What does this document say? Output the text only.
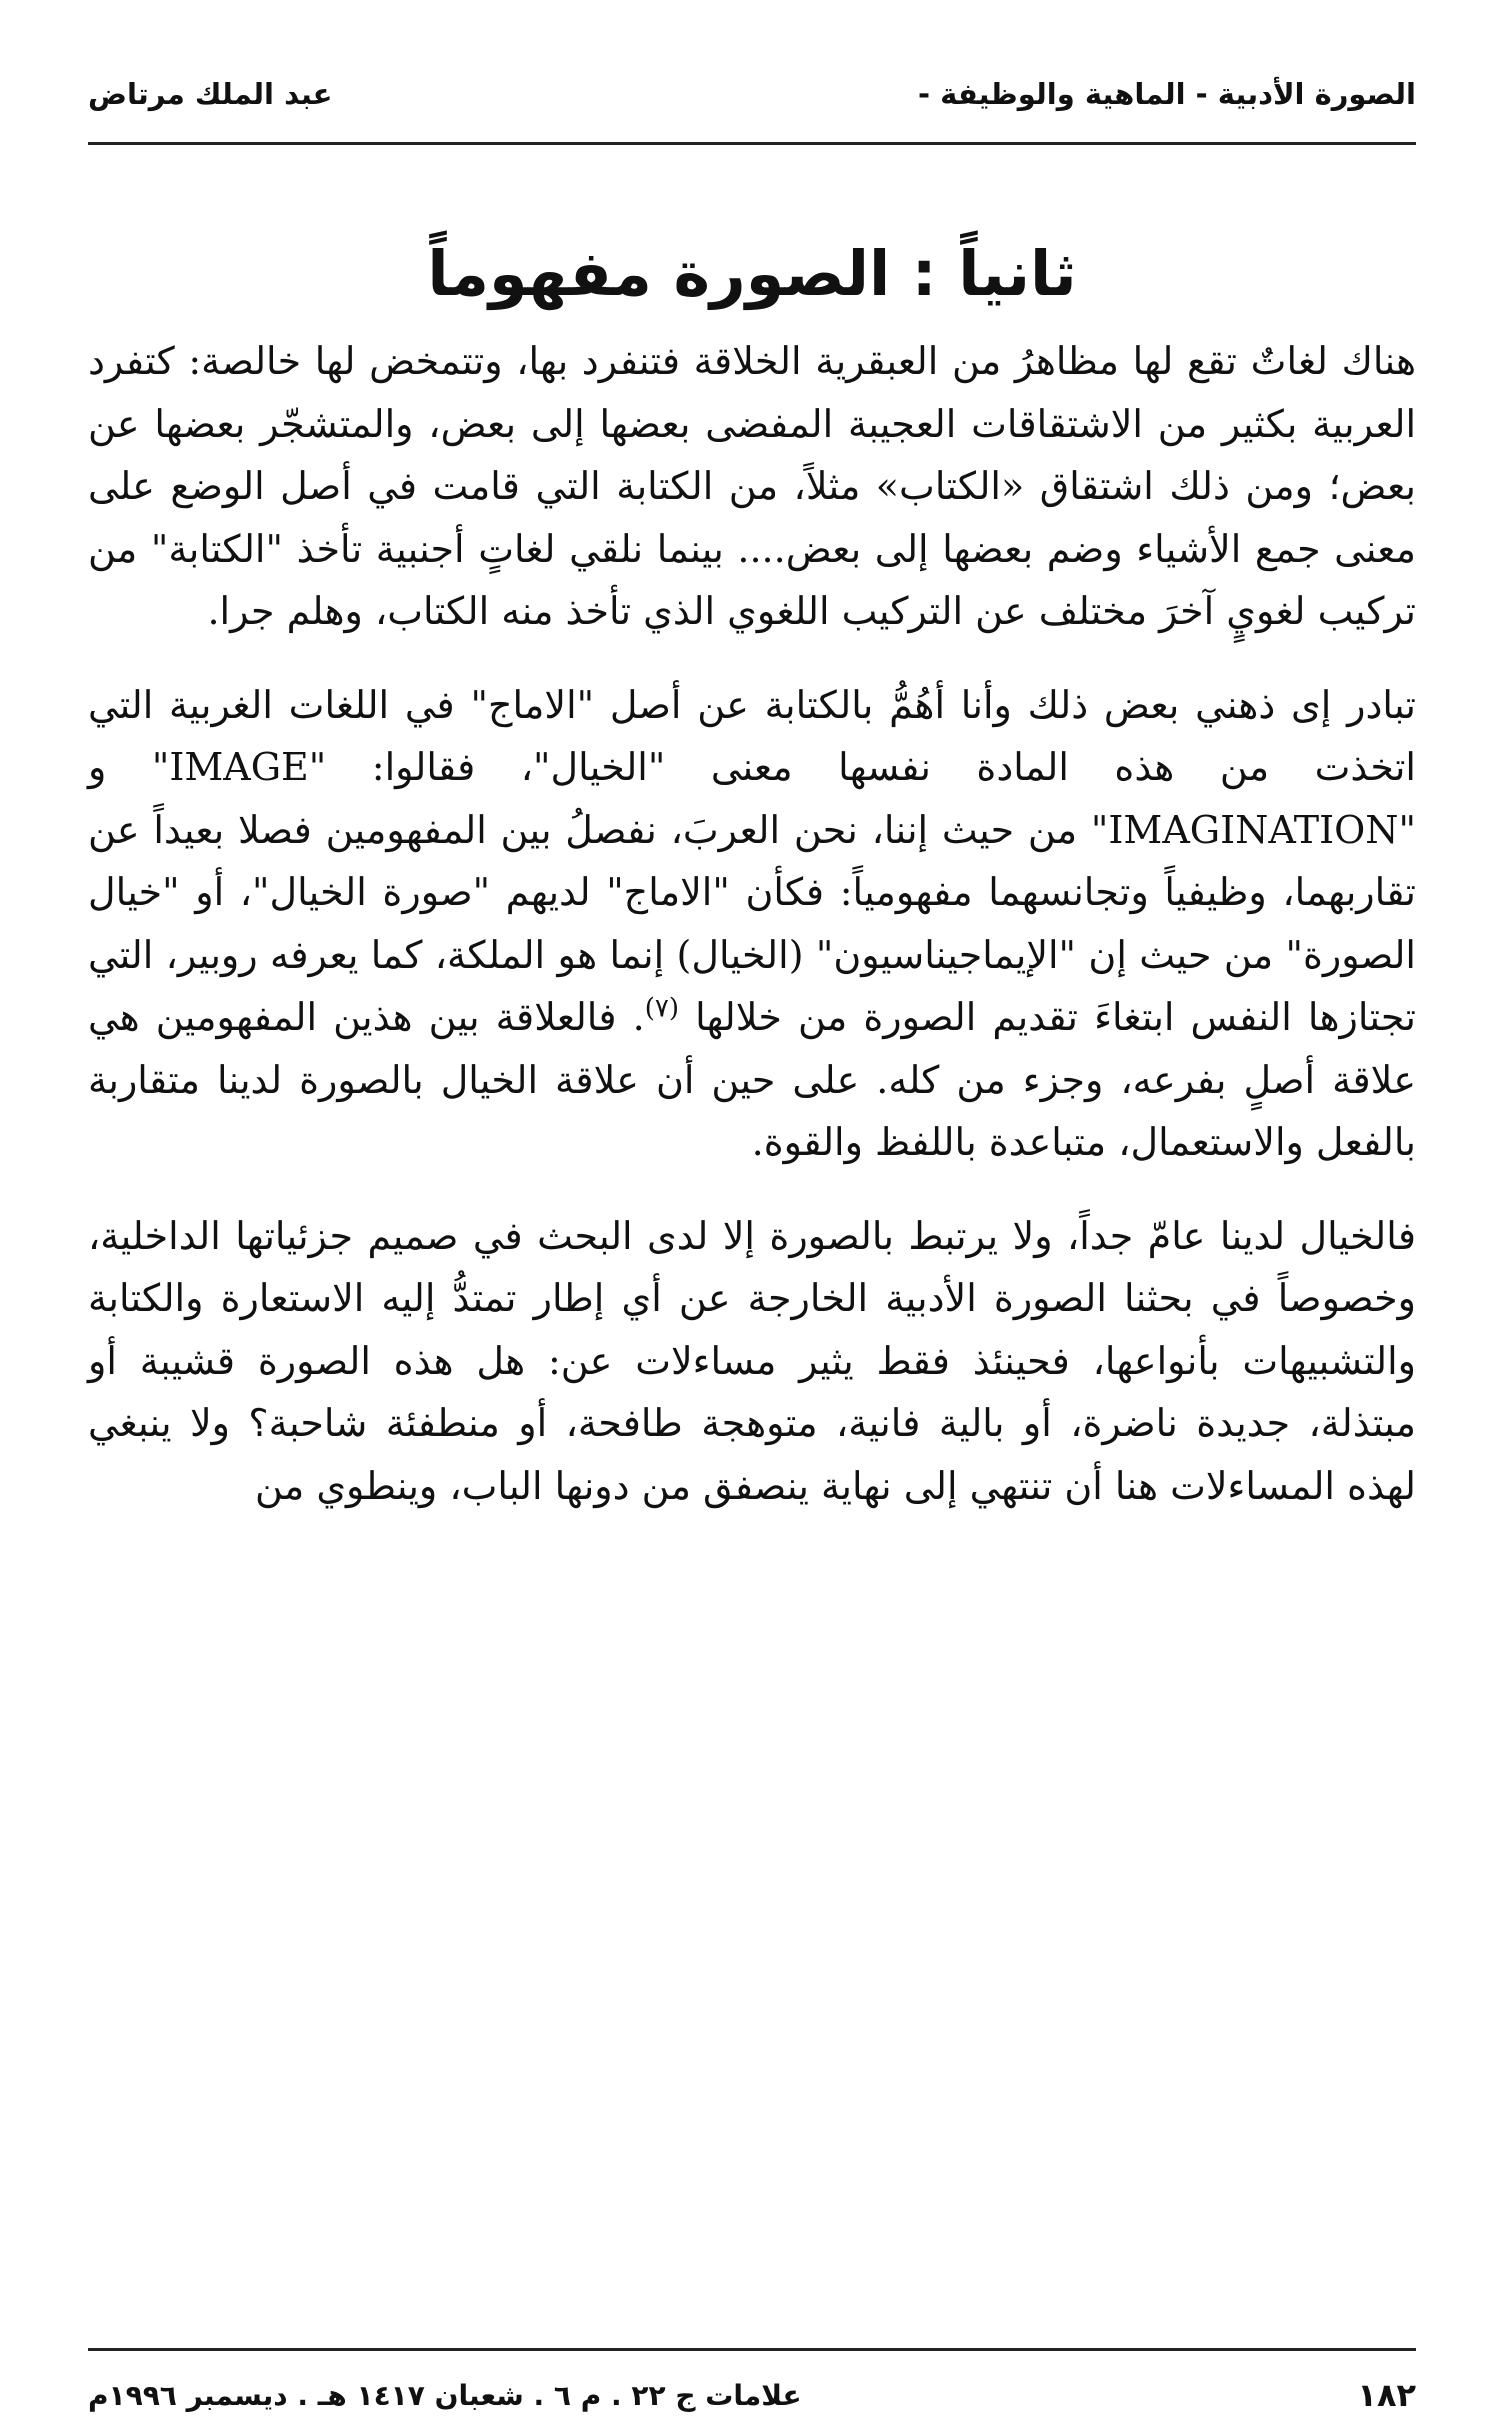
الصورة الأدبية - الماهية والوظيفة -
عبد الملك مرتاض
ثانياً : الصورة مفهوماً

هناك لغاتٌ تقع لها مظاهرُ من العبقرية الخلاقة فتنفرد بها، وتتمخض لها خالصة: كتفرد العربية بكثير من الاشتقاقات العجيبة المفضى بعضها إلى بعض، والمتشجّر بعضها عن بعض؛ ومن ذلك اشتقاق «الكتاب» مثلاً، من الكتابة التي قامت في أصل الوضع على معنى جمع الأشياء وضم بعضها إلى بعض.... بينما نلقي لغاتٍ أجنبية تأخذ "الكتابة" من تركيب لغويٍ آخرَ مختلف عن التركيب اللغوي الذي تأخذ منه الكتاب، وهلم جرا.

تبادر إى ذهني بعض ذلك وأنا أهُمُّ بالكتابة عن أصل "الاماج" في اللغات الغربية التي اتخذت من هذه المادة نفسها معنى "الخيال"، فقالوا: "IMAGE" و "IMAGINATION" من حيث إننا، نحن العربَ، نفصلُ بين المفهومين فصلا بعيداً عن تقاربهما، وظيفياً وتجانسهما مفهومياً: فكأن "الاماج" لديهم "صورة الخيال"، أو "خيال الصورة" من حيث إن "الإيماجيناسيون" (الخيال) إنما هو الملكة، كما يعرفه روبير، التي تجتازها النفس ابتغاءَ تقديم الصورة من خلالها $^{(٧)}$. فالعلاقة بين هذين المفهومين هي علاقة أصلٍ بفرعه، وجزء من كله. على حين أن علاقة الخيال بالصورة لدينا متقاربة بالفعل والاستعمال، متباعدة باللفظ والقوة.

فالخيال لدينا عامّ جداً، ولا يرتبط بالصورة إلا لدى البحث في صميم جزئياتها الداخلية، وخصوصاً في بحثنا الصورة الأدبية الخارجة عن أي إطار تمتدُّ إليه الاستعارة والكتابة والتشبيهات بأنواعها، فحينئذ فقط يثير مساءلات عن: هل هذه الصورة قشيبة أو مبتذلة، جديدة ناضرة، أو بالية فانية، متوهجة طافحة، أو منطفئة شاحبة؟ ولا ينبغي لهذه المساءلات هنا أن تنتهي إلى نهاية ينصفق من دونها الباب، وينطوي من

١٨٢
علامات ج ٢٢ . م ٦ . شعبان ١٤١٧ هـ . ديسمبر ١٩٩٦م
